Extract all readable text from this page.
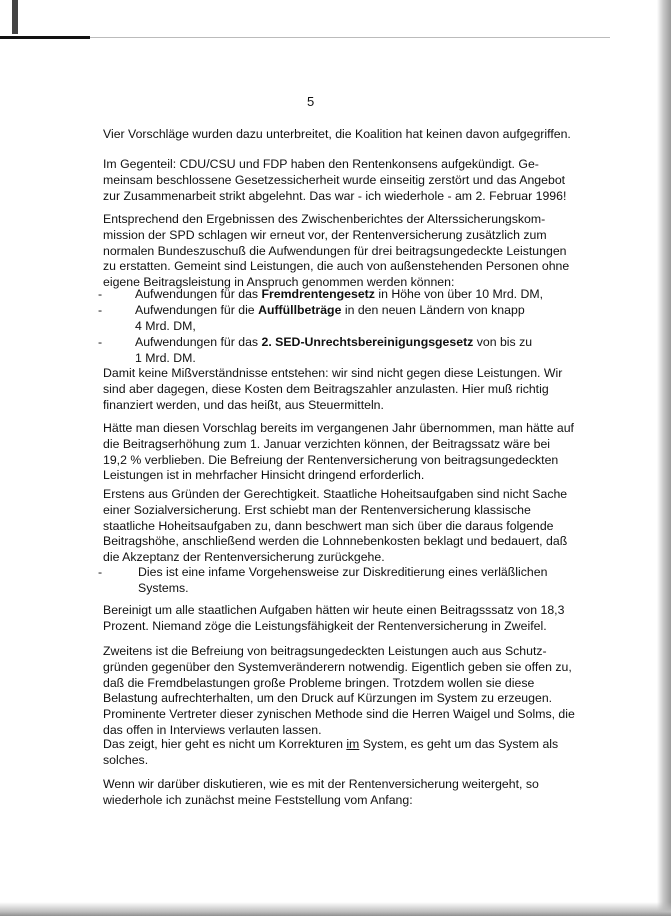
5
Vier Vorschläge wurden dazu unterbreitet, die Koalition hat keinen davon aufgegriffen.
Im Gegenteil: CDU/CSU und FDP haben den Rentenkonsens aufgekündigt. Ge-
meinsam beschlossene Gesetzessicherheit wurde einseitig zerstört und das Angebot
zur Zusammenarbeit strikt abgelehnt. Das war - ich wiederhole - am 2. Februar 1996!
Entsprechend den Ergebnissen des Zwischenberichtes der Alterssicherungskom-
mission der SPD schlagen wir erneut vor, der Rentenversicherung zusätzlich zum
normalen Bundeszuschuß die Aufwendungen für drei beitragsungedeckte Leistungen
zu erstatten. Gemeint sind Leistungen, die auch von außenstehenden Personen ohne
eigene Beitragsleistung in Anspruch genommen werden können:
-	Aufwendungen für das Fremdrentengesetz in Höhe von über 10 Mrd. DM,
-	Aufwendungen für die Auffüllbeträge in den neuen Ländern von knapp
4 Mrd. DM,
-	Aufwendungen für das 2. SED-Unrechtsbereinigungsgesetz von bis zu
1 Mrd. DM.
Damit keine Mißverständnisse entstehen: wir sind nicht gegen diese Leistungen. Wir
sind aber dagegen, diese Kosten dem Beitragszahler anzulasten. Hier muß richtig
finanziert werden, und das heißt, aus Steuermitteln.
Hätte man diesen Vorschlag bereits im vergangenen Jahr übernommen, man hätte auf
die Beitragserhöhung zum 1. Januar verzichten können, der Beitragssatz wäre bei
19,2 % verblieben. Die Befreiung der Rentenversicherung von beitragsungedeckten
Leistungen ist in mehrfacher Hinsicht dringend erforderlich.
Erstens aus Gründen der Gerechtigkeit. Staatliche Hoheitsaufgaben sind nicht Sache
einer Sozialversicherung. Erst schiebt man der Rentenversicherung klassische
staatliche Hoheitsaufgaben zu, dann beschwert man sich über die daraus folgende
Beitragshöhe, anschließend werden die Lohnnebenkosten beklagt und bedauert, daß
die Akzeptanz der Rentenversicherung zurückgehe.
-	Dies ist eine infame Vorgehensweise zur Diskreditierung eines verläßlichen
Systems.
Bereinigt um alle staatlichen Aufgaben hätten wir heute einen Beitragsssatz von 18,3
Prozent. Niemand zöge die Leistungsfähigkeit der Rentenversicherung in Zweifel.
Zweitens ist die Befreiung von beitragsungedeckten Leistungen auch aus Schutz-
gründen gegenüber den Systemveränderern notwendig. Eigentlich geben sie offen zu,
daß die Fremdbelastungen große Probleme bringen. Trotzdem wollen sie diese
Belastung aufrechterhalten, um den Druck auf Kürzungen im System zu erzeugen.
Prominente Vertreter dieser zynischen Methode sind die Herren Waigel und Solms, die
das offen in Interviews verlauten lassen.
Das zeigt, hier geht es nicht um Korrekturen im System, es geht um das System als
solches.
Wenn wir darüber diskutieren, wie es mit der Rentenversicherung weitergeht, so
wiederhole ich zunächst meine Feststellung vom Anfang:
